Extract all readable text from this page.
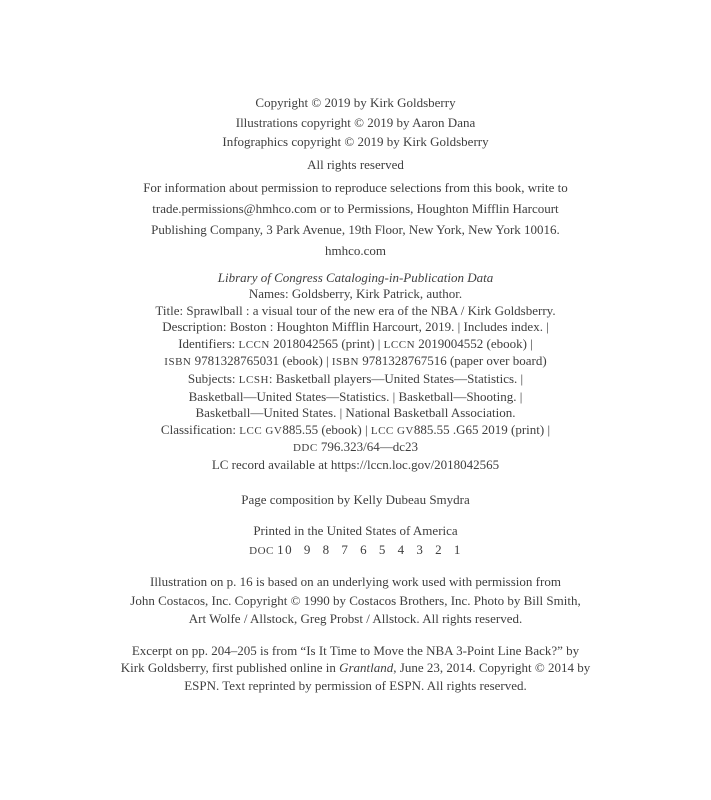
Copyright © 2019 by Kirk Goldsberry
Illustrations copyright © 2019 by Aaron Dana
Infographics copyright © 2019 by Kirk Goldsberry
All rights reserved
For information about permission to reproduce selections from this book, write to
trade.permissions@hmhco.com or to Permissions, Houghton Mifflin Harcourt
Publishing Company, 3 Park Avenue, 19th Floor, New York, New York 10016.
hmhco.com
Library of Congress Cataloging-in-Publication Data
Names: Goldsberry, Kirk Patrick, author.
Title: Sprawlball : a visual tour of the new era of the NBA / Kirk Goldsberry.
Description: Boston : Houghton Mifflin Harcourt, 2019. | Includes index. |
Identifiers: LCCN 2018042565 (print) | LCCN 2019004552 (ebook) |
ISBN 9781328765031 (ebook) | ISBN 9781328767516 (paper over board)
Subjects: LCSH: Basketball players—United States—Statistics. |
Basketball—United States—Statistics. | Basketball—Shooting. |
Basketball—United States. | National Basketball Association.
Classification: LCC GV885.55 (ebook) | LCC GV885.55 .G65 2019 (print) |
DDC 796.323/64—dc23
LC record available at https://lccn.loc.gov/2018042565
Page composition by Kelly Dubeau Smydra
Printed in the United States of America
DOC 10 9 8 7 6 5 4 3 2 1
Illustration on p. 16 is based on an underlying work used with permission from
John Costacos, Inc. Copyright © 1990 by Costacos Brothers, Inc. Photo by Bill Smith,
Art Wolfe / Allstock, Greg Probst / Allstock. All rights reserved.
Excerpt on pp. 204–205 is from “Is It Time to Move the NBA 3-Point Line Back?” by
Kirk Goldsberry, first published online in Grantland, June 23, 2014. Copyright © 2014 by
ESPN. Text reprinted by permission of ESPN. All rights reserved.
